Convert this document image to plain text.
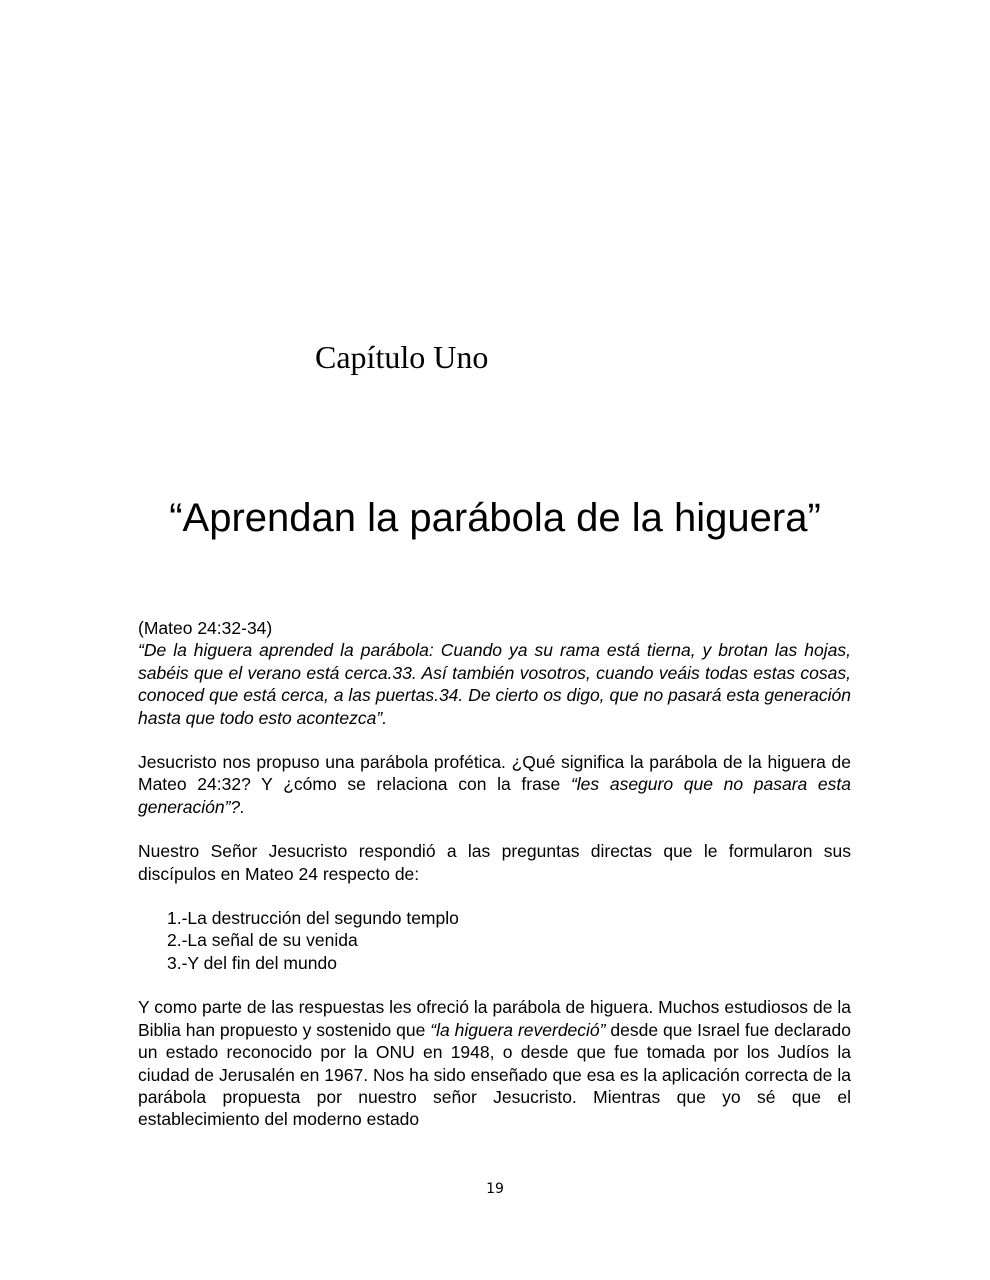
Capítulo Uno
“Aprendan la parábola de la higuera”

(Mateo 24:32-34)

“De la higuera aprended la parábola: Cuando ya su rama está tierna, y brotan las hojas, sabéis que el verano está cerca.33. Así también vosotros, cuando veáis todas estas cosas, conoced que está cerca, a las puertas.34. De cierto os digo, que no pasará esta generación hasta que todo esto acontezca”.

Jesucristo nos propuso una parábola profética. ¿Qué significa la parábola de la higuera de Mateo 24:32? Y ¿cómo se relaciona con la frase “les aseguro que no pasara esta generación”?.

Nuestro Señor Jesucristo respondió a las preguntas directas que le formularon sus discípulos en Mateo 24 respecto de:

1.-La destrucción del segundo templo
2.-La señal de su venida
3.-Y del fin del mundo

Y como parte de las respuestas les ofreció la parábola de higuera. Muchos estudiosos de la Biblia han propuesto y sostenido que “la higuera reverdeció” desde que Israel fue declarado un estado reconocido por la ONU en 1948, o desde que fue tomada por los Judíos la ciudad de Jerusalén en 1967. Nos ha sido enseñado que esa es la aplicación correcta de la parábola propuesta por nuestro señor Jesucristo. Mientras que yo sé que el establecimiento del moderno estado

19
